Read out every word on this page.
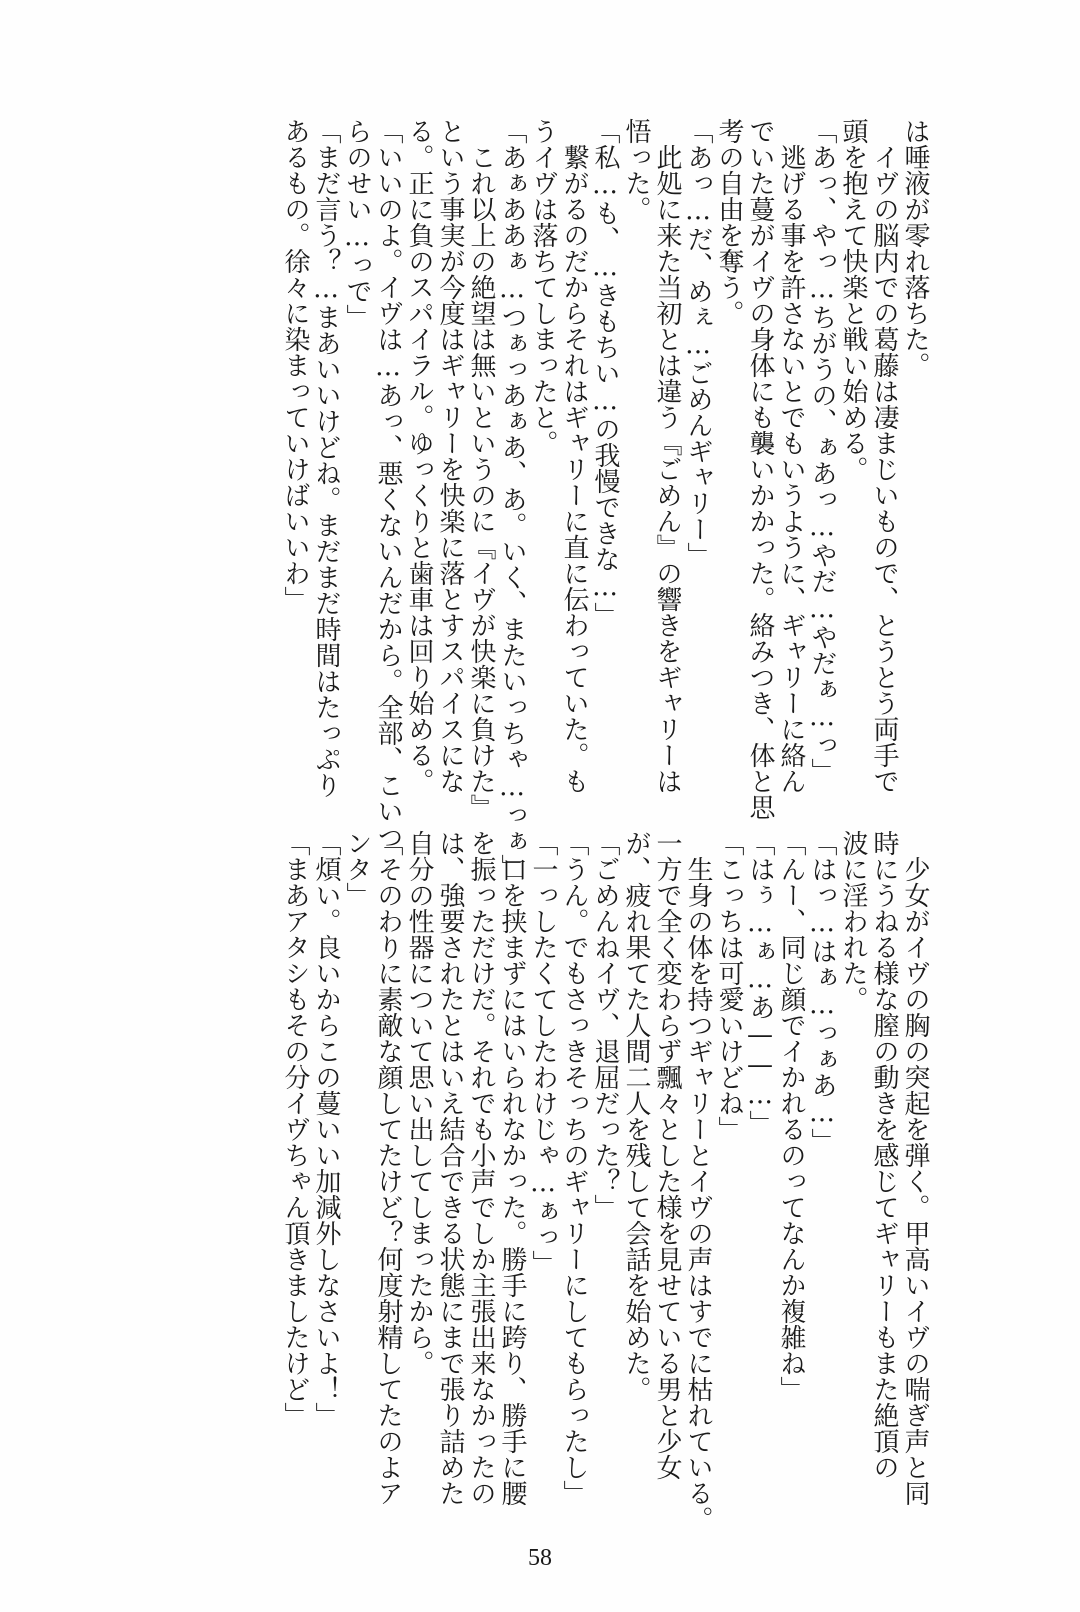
は唾液が零れ落ちた。
　イヴの脳内での葛藤は凄まじいもので、とうとう両手で
頭を抱えて快楽と戦い始める。
「あっ、やっ…ちがうの、ぁあっ…やだ…やだぁ…っ」
　逃げる事を許さないとでもいうように、ギャリーに絡ん
でいた蔓がイヴの身体にも襲いかかった。絡みつき、体と思
考の自由を奪う。
「あっ…だ、めぇ…ごめんギャリー」
　此処に来た当初とは違う『ごめん』の響きをギャリーは
悟った。
「私…も、…きもちい…の我慢できな…」
　繋がるのだからそれはギャリーに直に伝わっていた。も
うイヴは落ちてしまったと。
「あぁああぁ…つぁっあぁあ、あ。いく、またいっちゃ…っぁ」
　これ以上の絶望は無いというのに『イヴが快楽に負けた』
という事実が今度はギャリーを快楽に落とすスパイスにな
る。正に負のスパイラル。ゆっくりと歯車は回り始める。
「いいのよ。イヴは…あっ、悪くないんだから。全部、こいつ
らのせい…っで」
「まだ言う？…まあいいけどね。まだまだ時間はたっぷり
あるもの。徐々に染まっていけばいいわ」
　少女がイヴの胸の突起を弾く。甲高いイヴの喘ぎ声と同
時にうねる様な膣の動きを感じてギャリーもまた絶頂の
波に淫われた。
「はっ…はぁ…っぁあ…」
「んー、同じ顔でイかれるのってなんか複雑ね」
「はぅ…ぁ…あ——…」
「こっちは可愛いけどね」
　生身の体を持つギャリーとイヴの声はすでに枯れている。
一方で全く変わらず飄々とした様を見せている男と少女
が、疲れ果てた人間二人を残して会話を始めた。
「ごめんねイヴ、退屈だった？」
「うん。でもさっきそっちのギャリーにしてもらったし」
「一っしたくてしたわけじゃ…ぁっ」
　口を挟まずにはいられなかった。勝手に跨り、勝手に腰
を振っただけだ。それでも小声でしか主張出来なかったの
は、強要されたとはいえ結合できる状態にまで張り詰めた
自分の性器について思い出してしまったから。
「そのわりに素敵な顔してたけど？何度射精してたのよア
ンタ」
「煩い。良いからこの蔓いい加減外しなさいよ！」
「まあアタシもその分イヴちゃん頂きましたけど」
58
